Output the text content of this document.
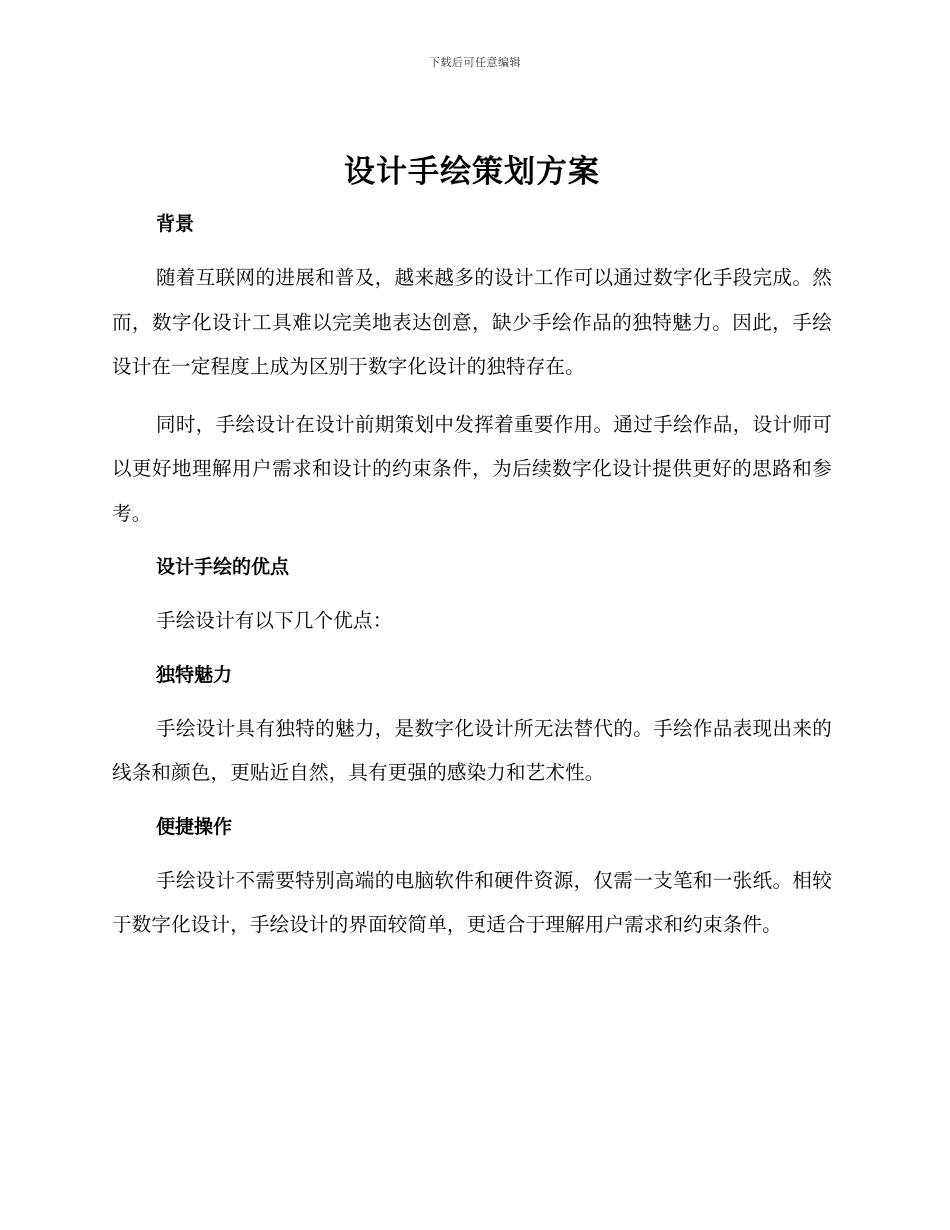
下载后可任意编辑
设计手绘策划方案
背景

随着互联网的进展和普及，越来越多的设计工作可以通过数字化手段完成。然而，数字化设计工具难以完美地表达创意，缺少手绘作品的独特魅力。因此，手绘设计在一定程度上成为区别于数字化设计的独特存在。

同时，手绘设计在设计前期策划中发挥着重要作用。通过手绘作品，设计师可以更好地理解用户需求和设计的约束条件，为后续数字化设计提供更好的思路和参考。

设计手绘的优点

手绘设计有以下几个优点：

独特魅力

手绘设计具有独特的魅力，是数字化设计所无法替代的。手绘作品表现出来的线条和颜色，更贴近自然，具有更强的感染力和艺术性。

便捷操作

手绘设计不需要特别高端的电脑软件和硬件资源，仅需一支笔和一张纸。相较于数字化设计，手绘设计的界面较简单，更适合于理解用户需求和约束条件。
